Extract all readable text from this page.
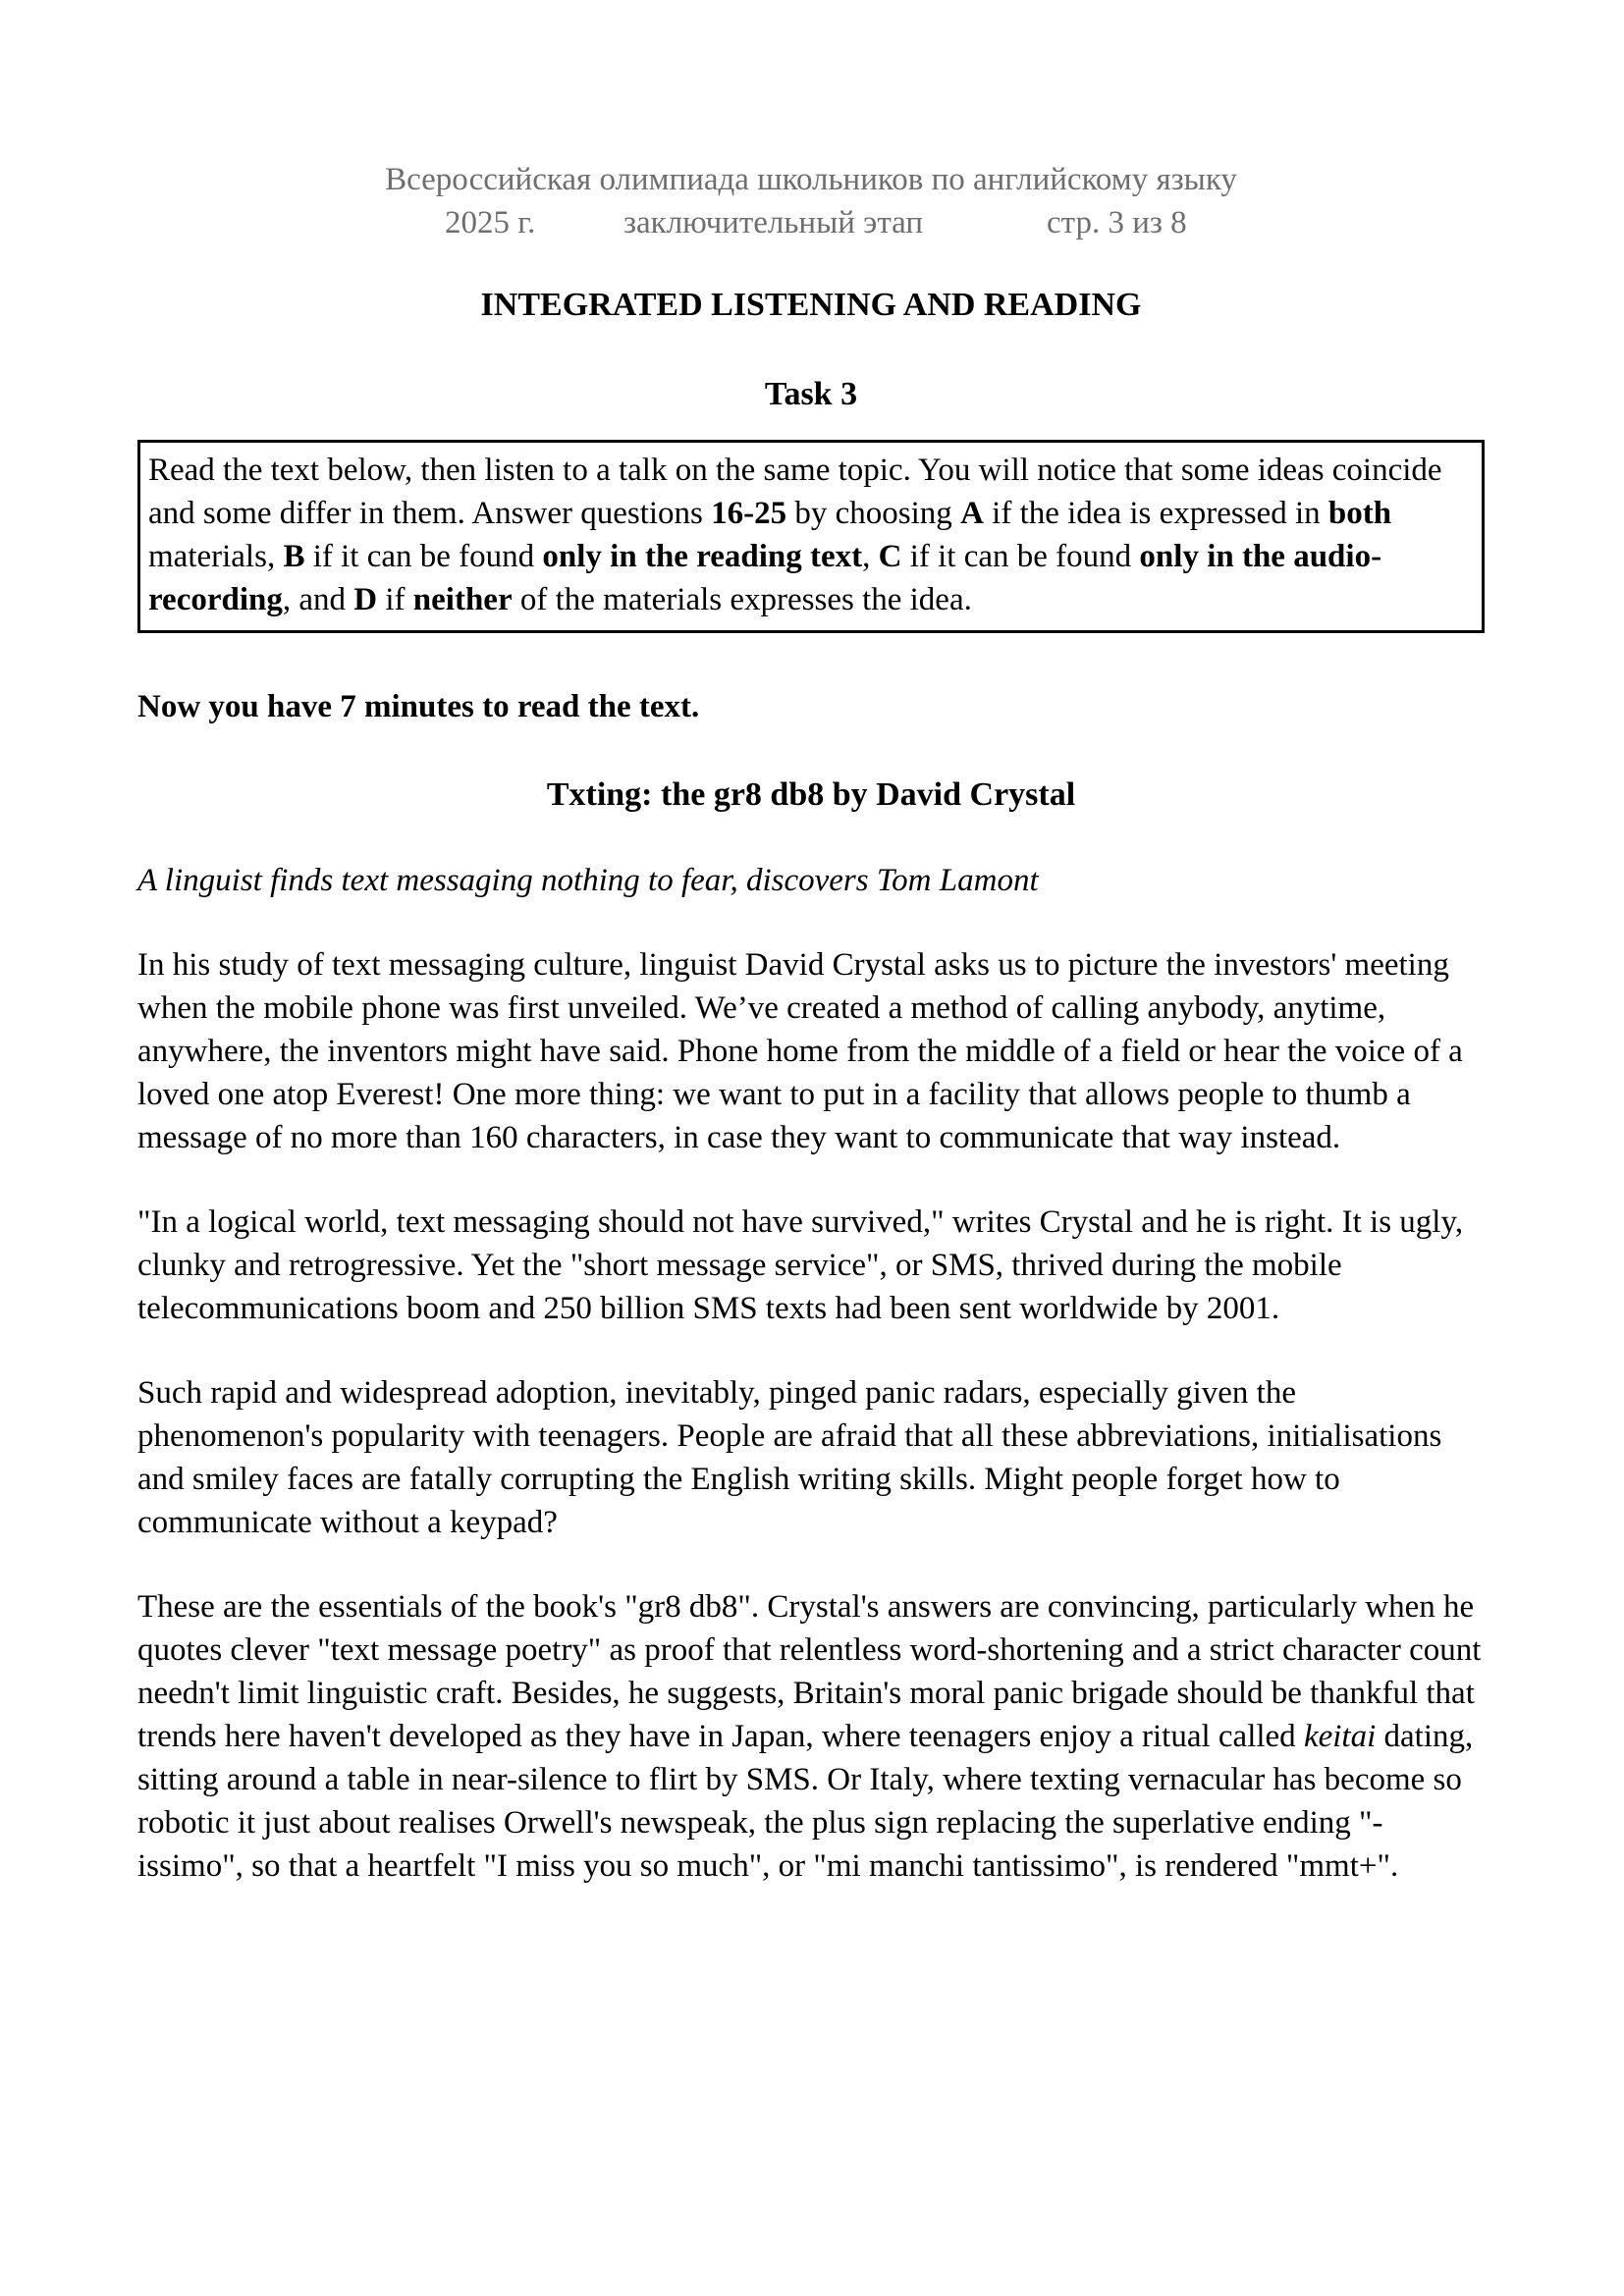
Всероссийская олимпиада школьников по английскому языку
2025 г.	заключительный этап	стр. 3 из 8
INTEGRATED LISTENING AND READING
Task 3

Read the text below, then listen to a talk on the same topic. You will notice that some ideas coincide and some differ in them. Answer questions 16-25 by choosing A if the idea is expressed in both materials, B if it can be found only in the reading text, C if it can be found only in the audio-recording, and D if neither of the materials expresses the idea.

Now you have 7 minutes to read the text.

Txting: the gr8 db8 by David Crystal

A linguist finds text messaging nothing to fear, discovers Tom Lamont

In his study of text messaging culture, linguist David Crystal asks us to picture the investors' meeting when the mobile phone was first unveiled. We’ve created a method of calling anybody, anytime, anywhere, the inventors might have said. Phone home from the middle of a field or hear the voice of a loved one atop Everest! One more thing: we want to put in a facility that allows people to thumb a message of no more than 160 characters, in case they want to communicate that way instead.

"In a logical world, text messaging should not have survived," writes Crystal and he is right. It is ugly, clunky and retrogressive. Yet the "short message service", or SMS, thrived during the mobile telecommunications boom and 250 billion SMS texts had been sent worldwide by 2001.

Such rapid and widespread adoption, inevitably, pinged panic radars, especially given the phenomenon's popularity with teenagers. People are afraid that all these abbreviations, initialisations and smiley faces are fatally corrupting the English writing skills. Might people forget how to communicate without a keypad?

These are the essentials of the book's "gr8 db8". Crystal's answers are convincing, particularly when he quotes clever "text message poetry" as proof that relentless word-shortening and a strict character count needn't limit linguistic craft. Besides, he suggests, Britain's moral panic brigade should be thankful that trends here haven't developed as they have in Japan, where teenagers enjoy a ritual called keitai dating, sitting around a table in near-silence to flirt by SMS. Or Italy, where texting vernacular has become so robotic it just about realises Orwell's newspeak, the plus sign replacing the superlative ending "-issimo", so that a heartfelt "I miss you so much", or "mi manchi tantissimo", is rendered "mmt+".
